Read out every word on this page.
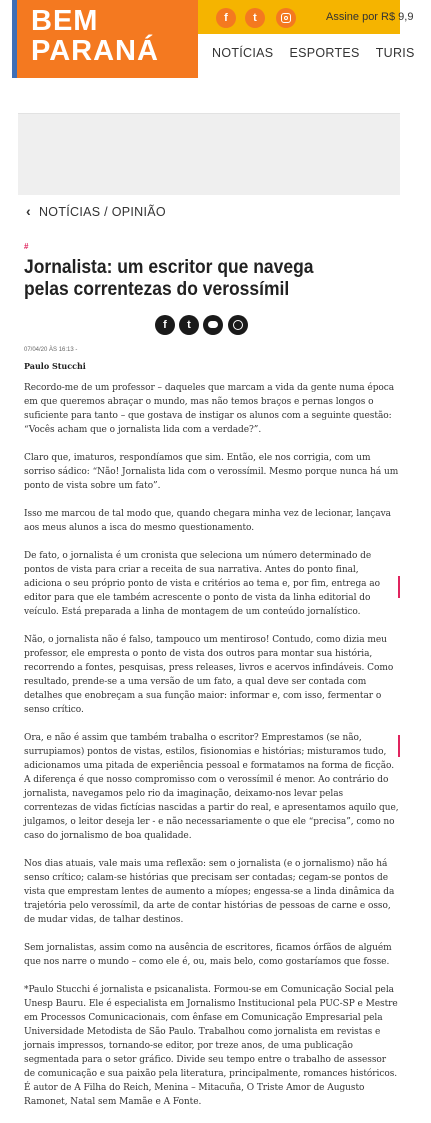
BEM
PARANÁ
f	t	Assine por R$ 9,9
NOTÍCIAS ESPORTES TURIS
‹ NOTÍCIAS / OPINIÃO
#
Jornalista: um escritor que navega pelas correntezas do verossímil
f	t
07/04/20 ÀS 16:13 -
Paulo Stucchi

Recordo-me de um professor – daqueles que marcam a vida da gente numa época em que queremos abraçar o mundo, mas não temos braços e pernas longos o suficiente para tanto – que gostava de instigar os alunos com a seguinte questão: “Vocês acham que o jornalista lida com a verdade?”.

Claro que, imaturos, respondíamos que sim. Então, ele nos corrigia, com um sorriso sádico: “Não! Jornalista lida com o verossímil. Mesmo porque nunca há um ponto de vista sobre um fato”.

Isso me marcou de tal modo que, quando chegara minha vez de lecionar, lançava aos meus alunos a isca do mesmo questionamento.

De fato, o jornalista é um cronista que seleciona um número determinado de pontos de vista para criar a receita de sua narrativa. Antes do ponto final, adiciona o seu próprio ponto de vista e critérios ao tema e, por fim, entrega ao editor para que ele também acrescente o ponto de vista da linha editorial do veículo. Está preparada a linha de montagem de um conteúdo jornalístico.

Não, o jornalista não é falso, tampouco um mentiroso! Contudo, como dizia meu professor, ele empresta o ponto de vista dos outros para montar sua história, recorrendo a fontes, pesquisas, press releases, livros e acervos infindáveis. Como resultado, prende-se a uma versão de um fato, a qual deve ser contada com detalhes que enobreçam a sua função maior: informar e, com isso, fermentar o senso crítico.

Ora, e não é assim que também trabalha o escritor? Emprestamos (se não, surrupiamos) pontos de vistas, estilos, fisionomias e histórias; misturamos tudo, adicionamos uma pitada de experiência pessoal e formatamos na forma de ficção. A diferença é que nosso compromisso com o verossímil é menor. Ao contrário do jornalista, navegamos pelo rio da imaginação, deixamo-nos levar pelas correntezas de vidas fictícias nascidas a partir do real, e apresentamos aquilo que, julgamos, o leitor deseja ler - e não necessariamente o que ele “precisa”, como no caso do jornalismo de boa qualidade.

Nos dias atuais, vale mais uma reflexão: sem o jornalista (e o jornalismo) não há senso crítico; calam-se histórias que precisam ser contadas; cegam-se pontos de vista que emprestam lentes de aumento a míopes; engessa-se a linda dinâmica da trajetória pelo verossímil, da arte de contar histórias de pessoas de carne e osso, de mudar vidas, de talhar destinos.

Sem jornalistas, assim como na ausência de escritores, ficamos órfãos de alguém que nos narre o mundo – como ele é, ou, mais belo, como gostaríamos que fosse.

*Paulo Stucchi é jornalista e psicanalista. Formou-se em Comunicação Social pela Unesp Bauru. Ele é especialista em Jornalismo Institucional pela PUC-SP e Mestre em Processos Comunicacionais, com ênfase em Comunicação Empresarial pela Universidade Metodista de São Paulo. Trabalhou como jornalista em revistas e jornais impressos, tornando-se editor, por treze anos, de uma publicação segmentada para o setor gráfico. Divide seu tempo entre o trabalho de assessor de comunicação e sua paixão pela literatura, principalmente, romances históricos. É autor de A Filha do Reich, Menina – Mitacuña, O Triste Amor de Augusto Ramonet, Natal sem Mamãe e A Fonte.
